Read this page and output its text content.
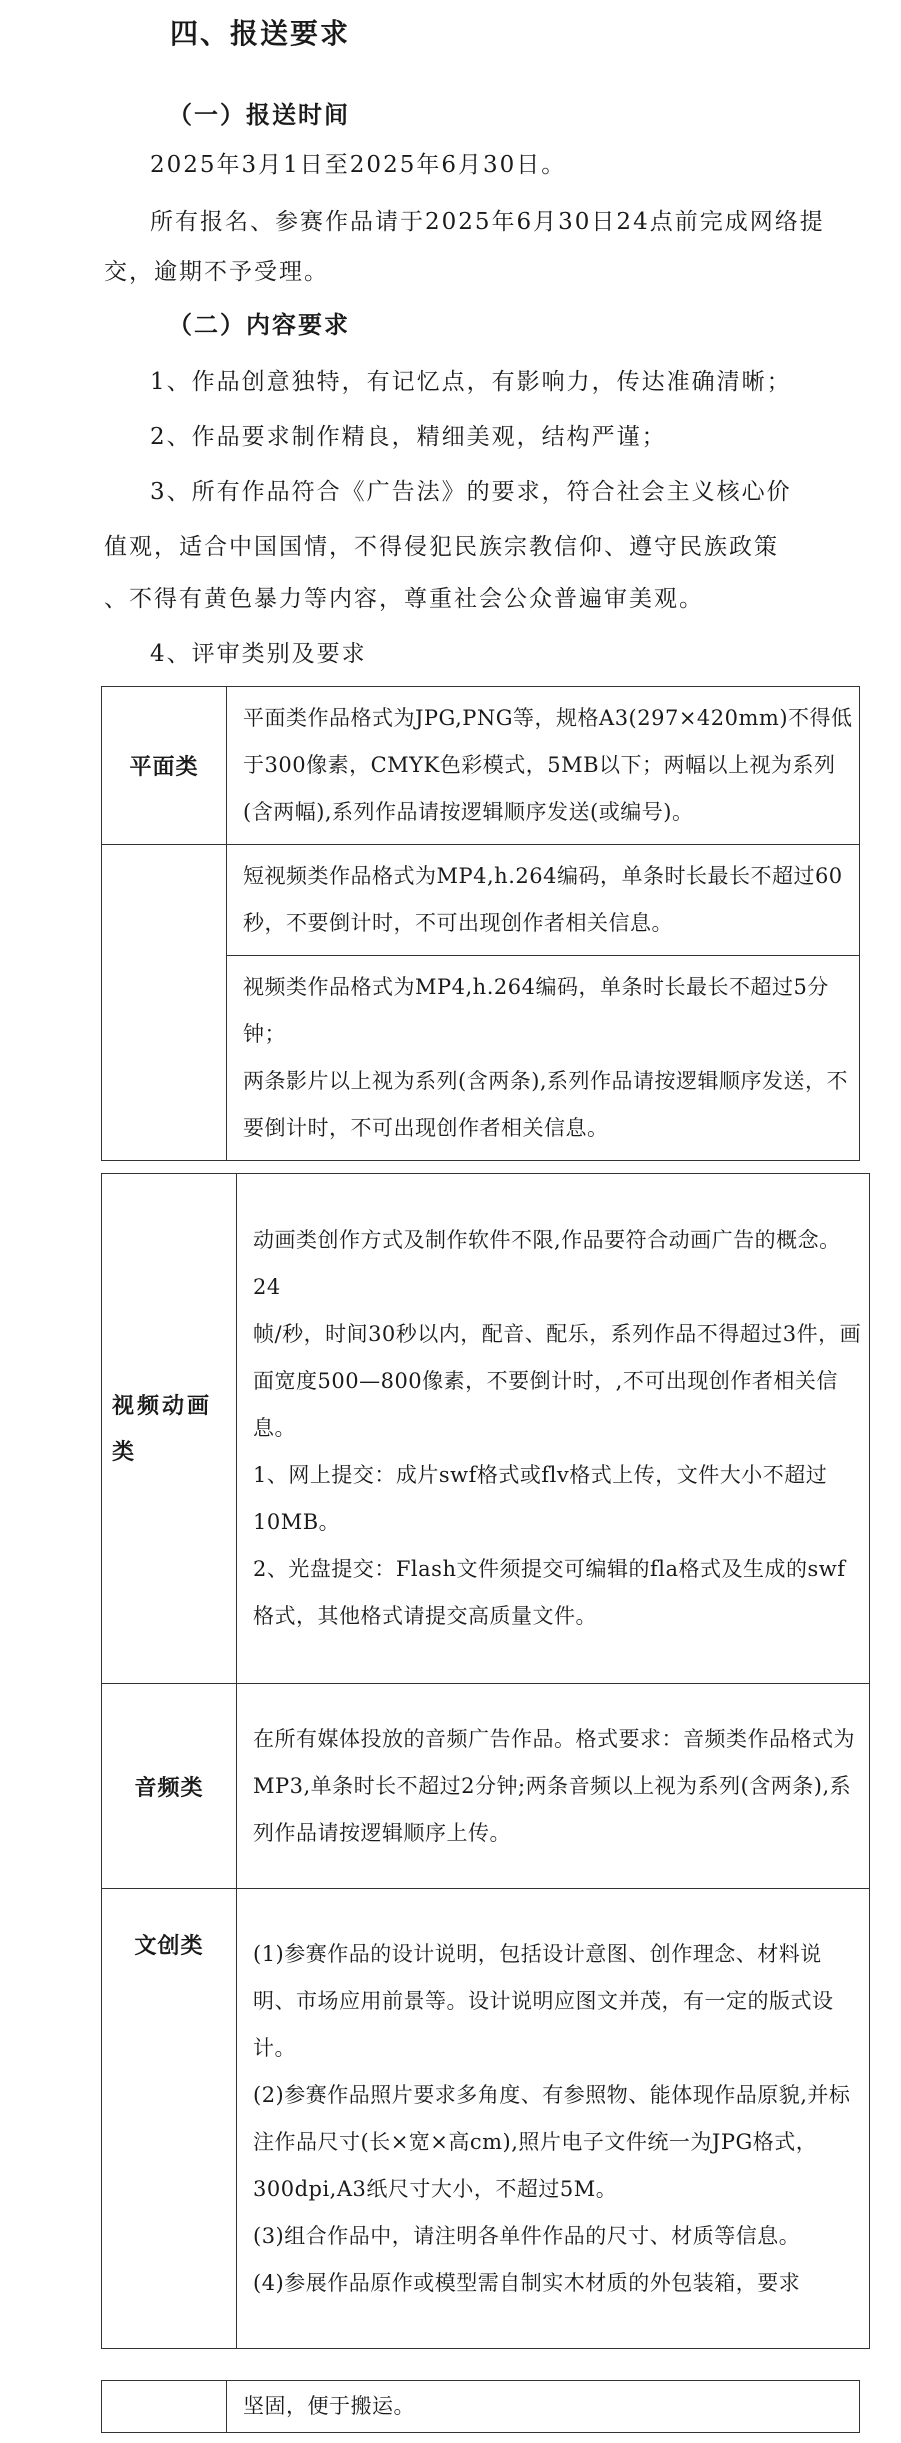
四、报送要求
（一）报送时间
2025年3月1日至2025年6月30日。
所有报名、参赛作品请于2025年6月30日24点前完成网络提
交，逾期不予受理。
（二）内容要求
1、作品创意独特，有记忆点，有影响力，传达准确清晰；
2、作品要求制作精良，精细美观，结构严谨；
3、所有作品符合《广告法》的要求，符合社会主义核心价
值观，适合中国国情，不得侵犯民族宗教信仰、遵守民族政策
、不得有黄色暴力等内容，尊重社会公众普遍审美观。
4、评审类别及要求
平面类	平面类作品格式为JPG,PNG等，规格A3(297×420mm)不得低于300像素，CMYK色彩模式，5MB以下；两幅以上视为系列(含两幅),系列作品请按逻辑顺序发送(或编号)。
	短视频类作品格式为MP4,h.264编码，单条时长最长不超过60秒，不要倒计时，不可出现创作者相关信息。

	视频类作品格式为MP4,h.264编码，单条时长最长不超过5分钟；
两条影片以上视为系列(含两条),系列作品请按逻辑顺序发送，不要倒计时，不可出现创作者相关信息。
视频动画类	动画类创作方式及制作软件不限,作品要符合动画广告的概念。24
帧/秒，时间30秒以内，配音、配乐，系列作品不得超过3件，画
面宽度500—800像素，不要倒计时，,不可出现创作者相关信息。
1、网上提交：成片swf格式或flv格式上传，文件大小不超过10MB。
2、光盘提交：Flash文件须提交可编辑的fla格式及生成的swf格式，其他格式请提交高质量文件。

音频类	在所有媒体投放的音频广告作品。格式要求：音频类作品格式为
MP3,单条时长不超过2分钟;两条音频以上视为系列(含两条),系列作品请按逻辑顺序上传。

文创类	(1)参赛作品的设计说明，包括设计意图、创作理念、材料说明、市场应用前景等。设计说明应图文并茂，有一定的版式设计。
(2)参赛作品照片要求多角度、有参照物、能体现作品原貌,并标注作品尺寸(长×宽×高cm),照片电子文件统一为JPG格式，
300dpi,A3纸尺寸大小，不超过5M。
(3)组合作品中，请注明各单件作品的尺寸、材质等信息。
(4)参展作品原作或模型需自制实木材质的外包装箱，要求
	坚固，便于搬运。
